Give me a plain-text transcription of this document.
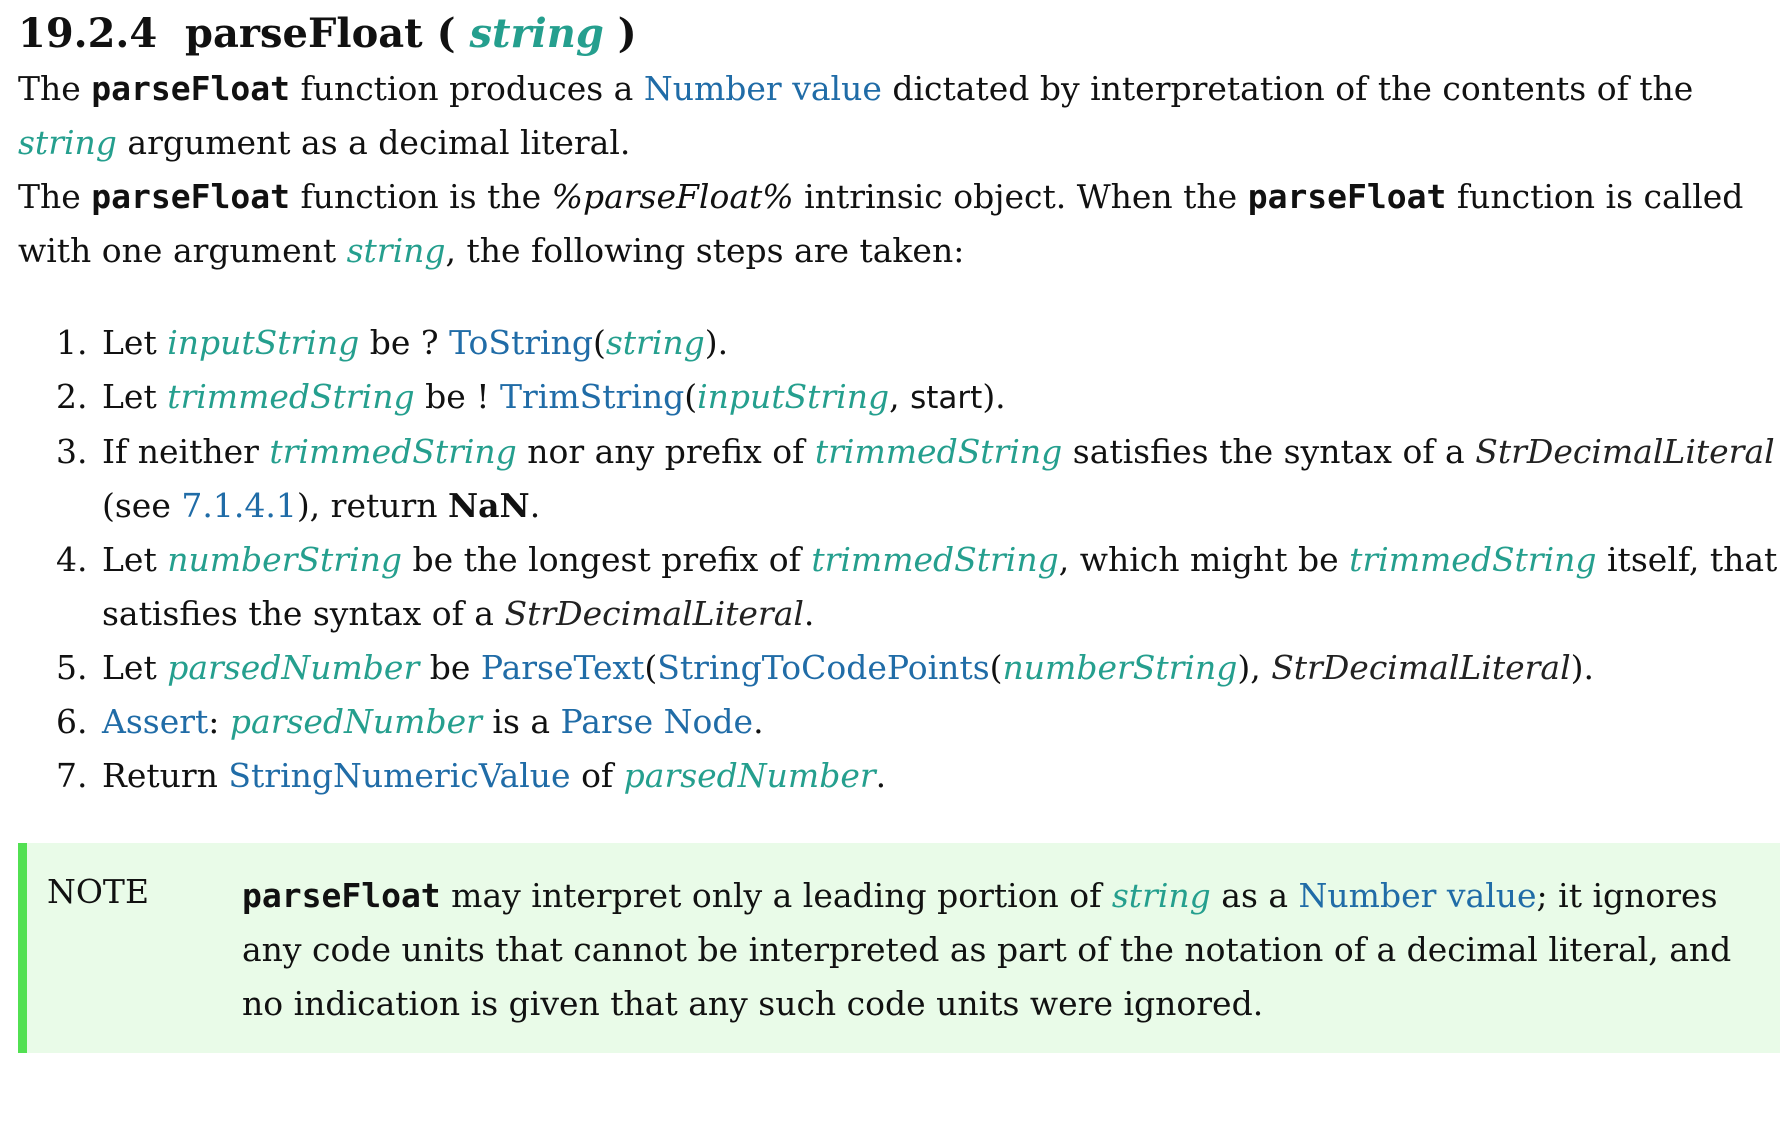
19.2.4 parseFloat ( string )

The parseFloat function produces a Number value dictated by interpretation of the contents of the string argument as a decimal literal.

The parseFloat function is the %parseFloat% intrinsic object. When the parseFloat function is called with one argument string, the following steps are taken:

1. Let inputString be ? ToString(string).
2. Let trimmedString be ! TrimString(inputString, start).
3. If neither trimmedString nor any prefix of trimmedString satisfies the syntax of a StrDecimalLiteral (see 7.1.4.1), return NaN.
4. Let numberString be the longest prefix of trimmedString, which might be trimmedString itself, that satisfies the syntax of a StrDecimalLiteral.
5. Let parsedNumber be ParseText(StringToCodePoints(numberString), StrDecimalLiteral).
6. Assert: parsedNumber is a Parse Node.
7. Return StringNumericValue of parsedNumber.
NOTE	parseFloat may interpret only a leading portion of string as a Number value; it ignores any code units that cannot be interpreted as part of the notation of a decimal literal, and no indication is given that any such code units were ignored.
